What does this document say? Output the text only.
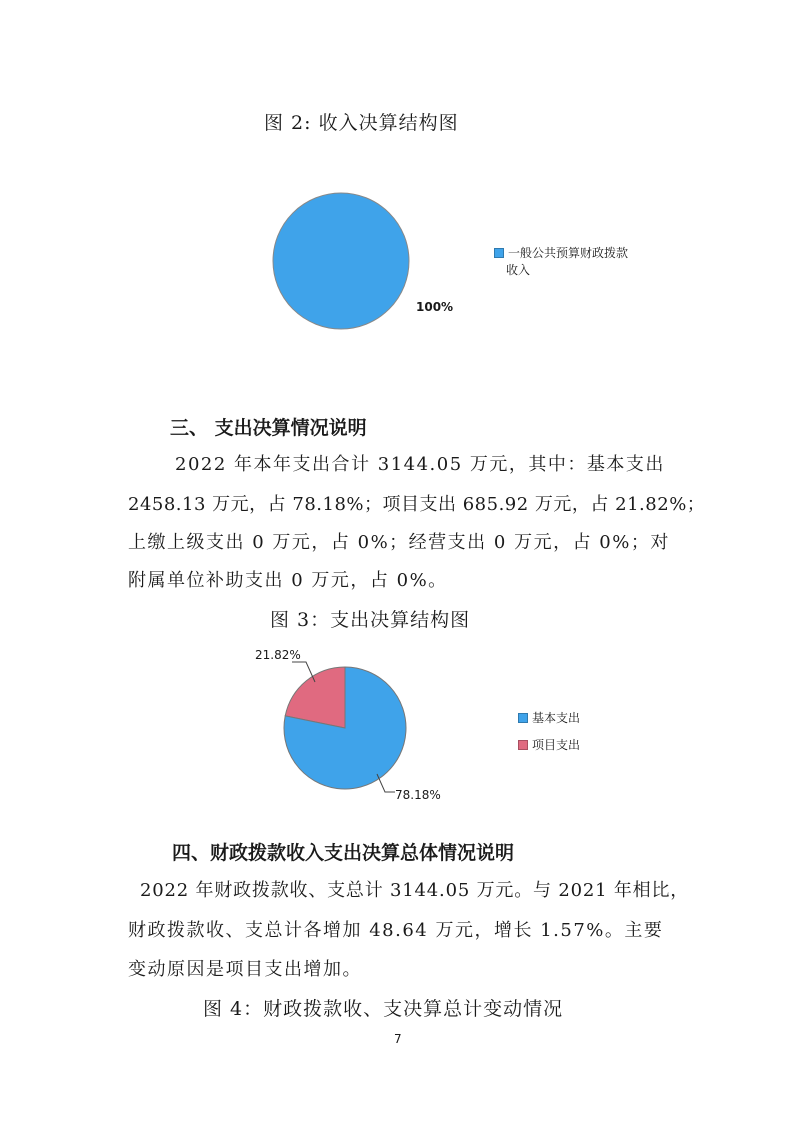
图 2: 收入决算结构图
一般公共预算财政拨款
收入
100%
三、 支出决算情况说明
2022 年本年支出合计 3144.05 万元，其中：基本支出
2458.13 万元，占 78.18%；项目支出 685.92 万元，占 21.82%；
上缴上级支出 0 万元，占 0%；经营支出 0 万元，占 0%；对
附属单位补助支出 0 万元，占 0%。
图 3：支出决算结构图
21.82%
78.18%
基本支出
项目支出
四、财政拨款收入支出决算总体情况说明
2022 年财政拨款收、支总计 3144.05 万元。与 2021 年相比，
财政拨款收、支总计各增加 48.64 万元，增长 1.57%。主要
变动原因是项目支出增加。
图 4：财政拨款收、支决算总计变动情况
7
